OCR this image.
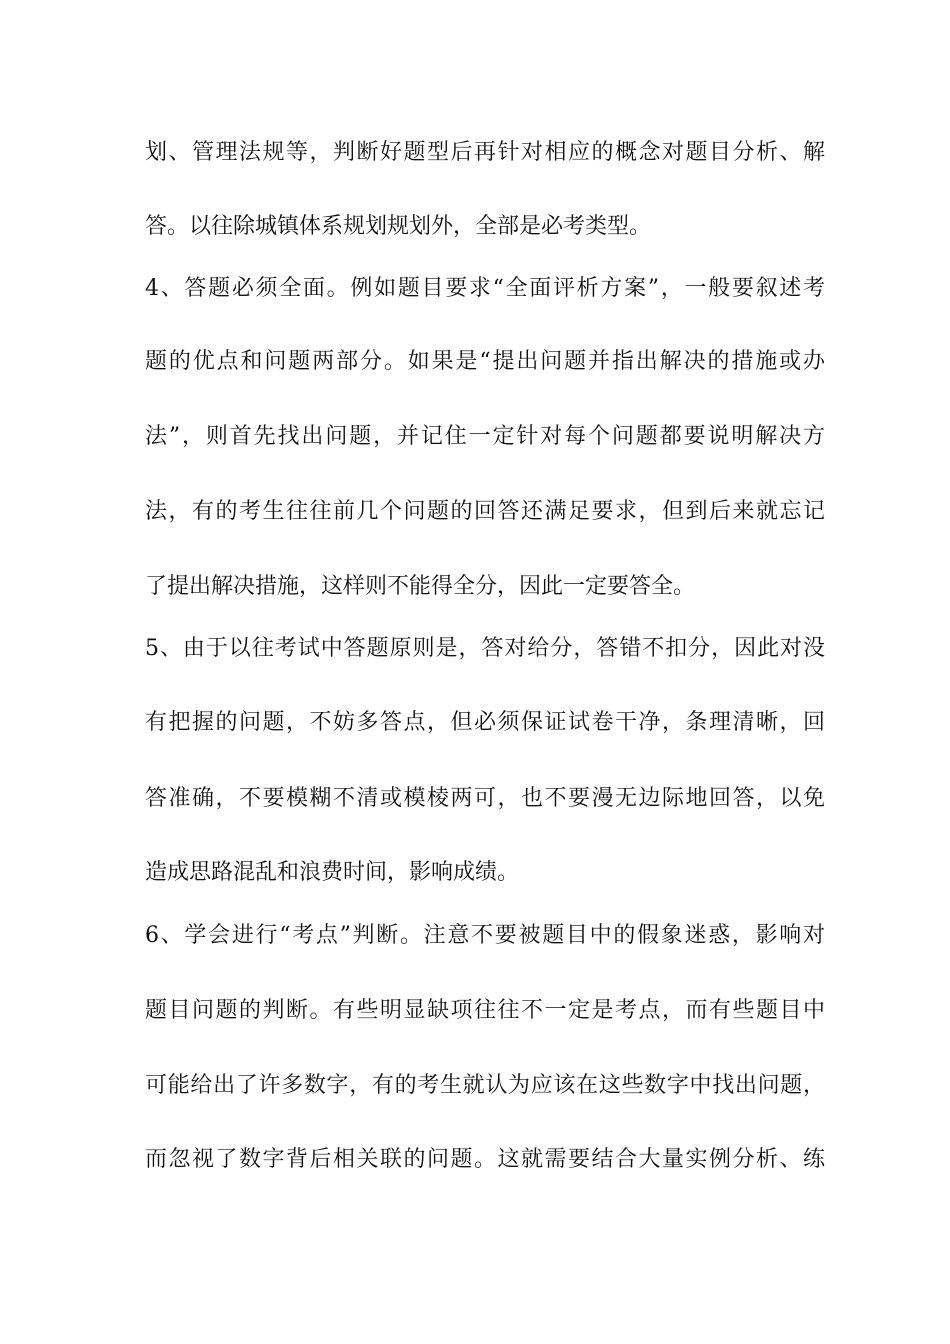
划、管理法规等，判断好题型后再针对相应的概念对题目分析、解
答。以往除城镇体系规划规划外，全部是必考类型。
4、答题必须全面。例如题目要求“全面评析方案”，一般要叙述考
题的优点和问题两部分。如果是“提出问题并指出解决的措施或办
法”，则首先找出问题，并记住一定针对每个问题都要说明解决方
法，有的考生往往前几个问题的回答还满足要求，但到后来就忘记
了提出解决措施，这样则不能得全分，因此一定要答全。
5、由于以往考试中答题原则是，答对给分，答错不扣分，因此对没
有把握的问题，不妨多答点，但必须保证试卷干净，条理清晰，回
答准确，不要模糊不清或模棱两可，也不要漫无边际地回答，以免
造成思路混乱和浪费时间，影响成绩。
6、学会进行“考点”判断。注意不要被题目中的假象迷惑，影响对
题目问题的判断。有些明显缺项往往不一定是考点，而有些题目中
可能给出了许多数字，有的考生就认为应该在这些数字中找出问题，
而忽视了数字背后相关联的问题。这就需要结合大量实例分析、练
